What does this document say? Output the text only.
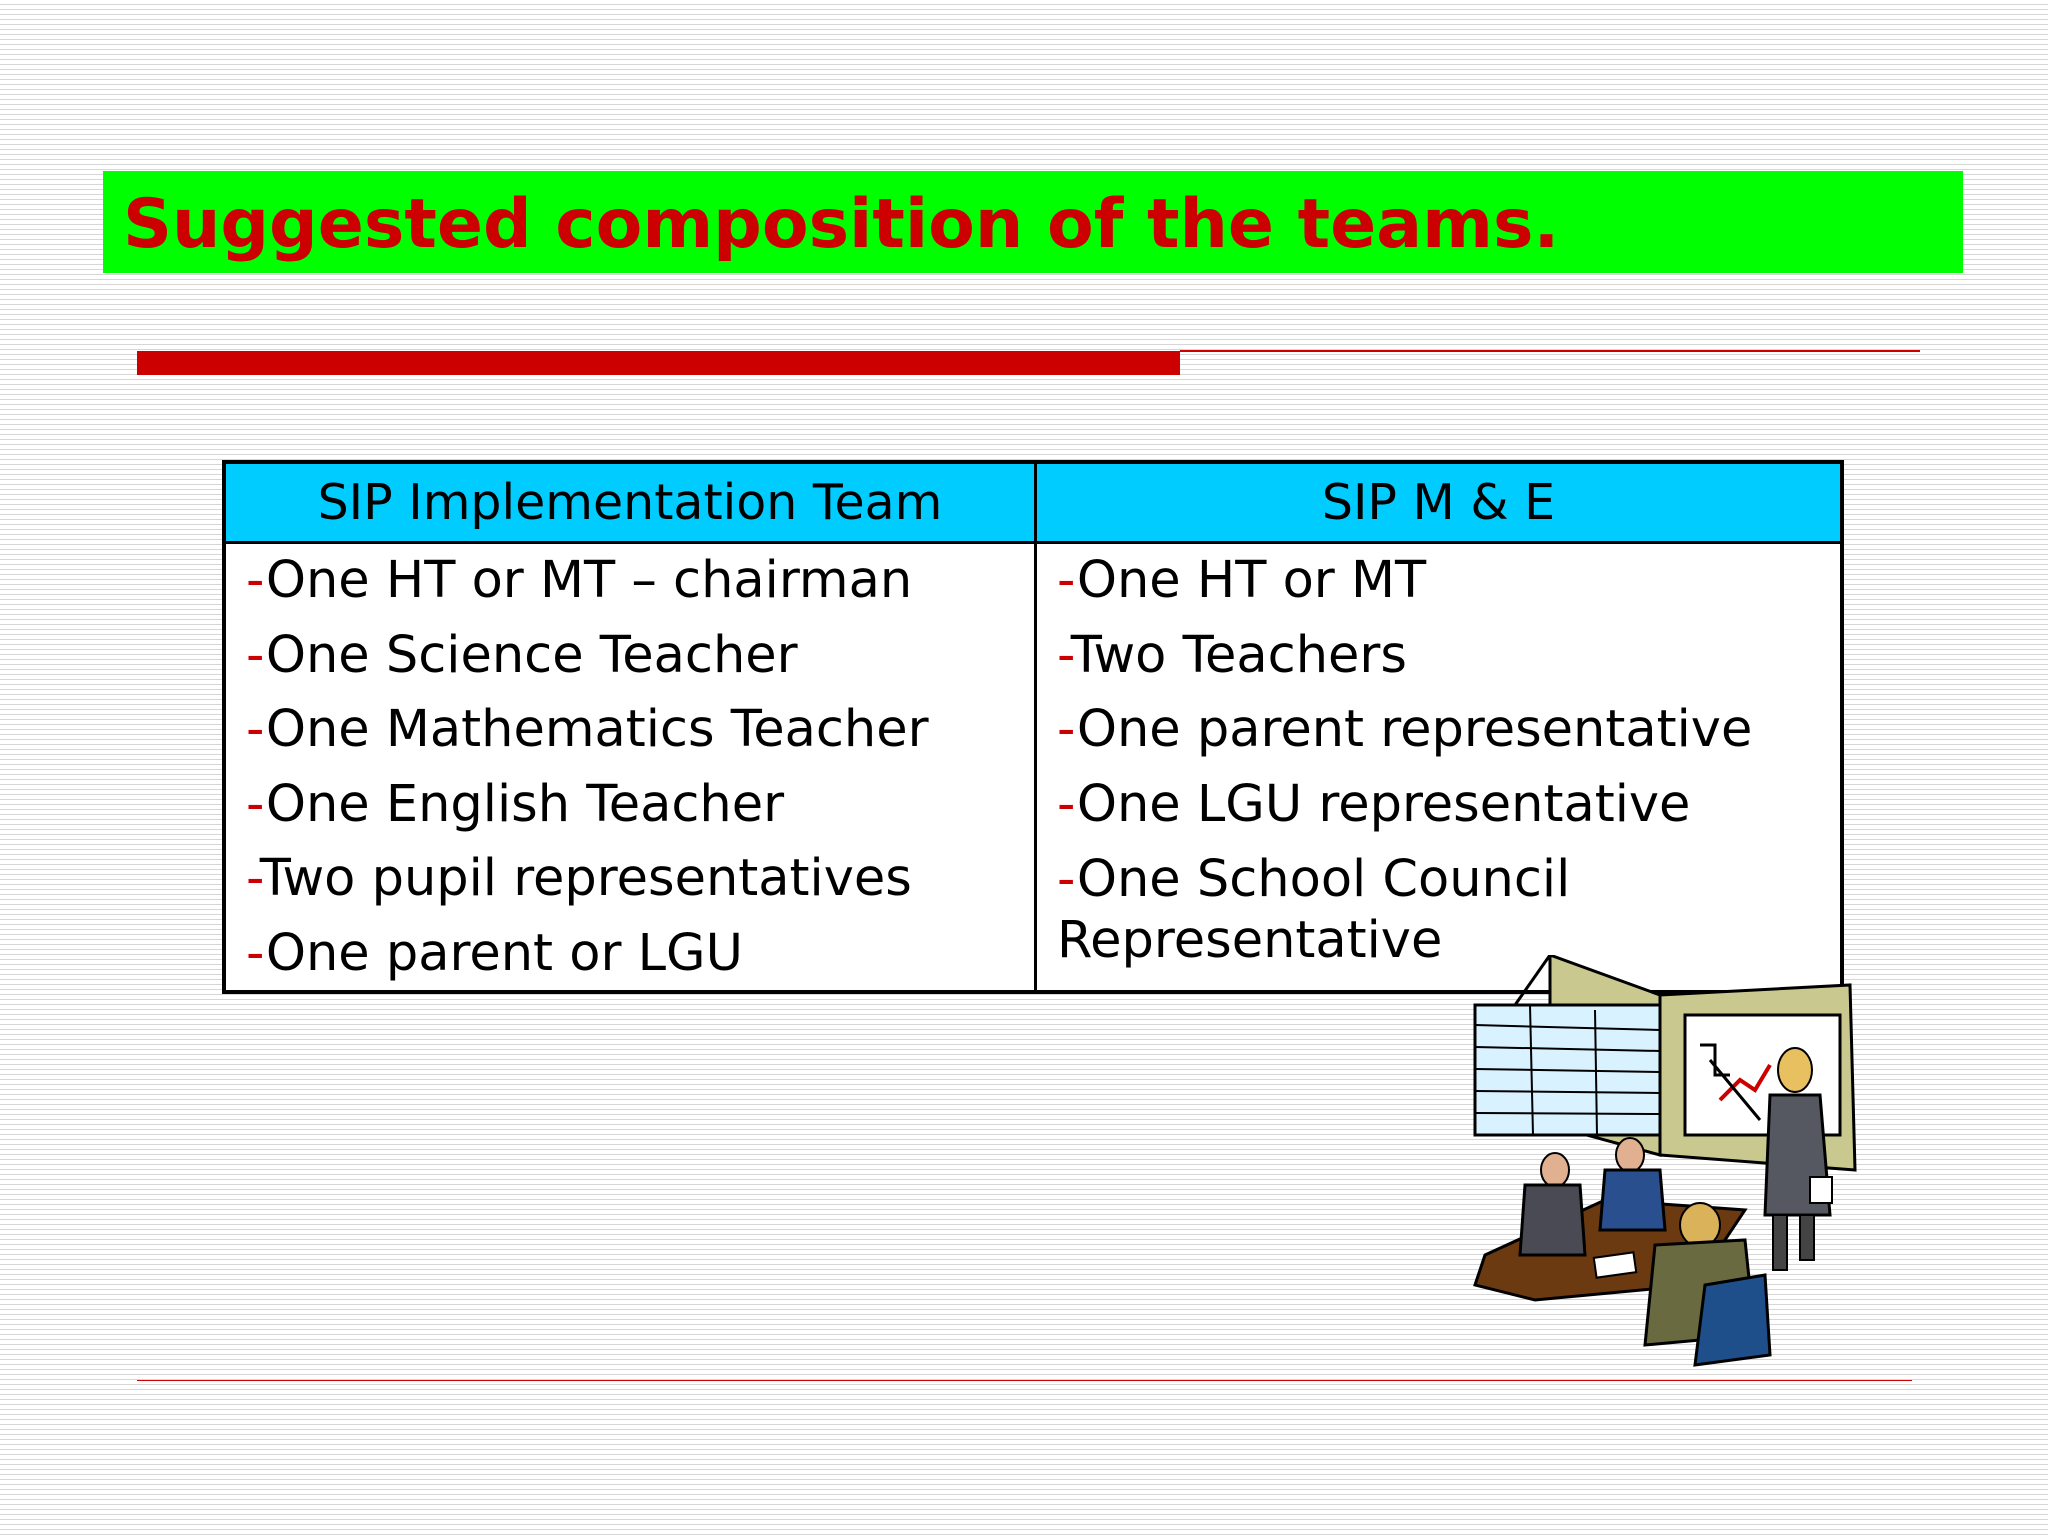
Suggested composition of the teams.
SIP Implementation Team	SIP M & E
-One HT or MT – chairman
-One Science Teacher
-One Mathematics Teacher
-One English Teacher
-Two pupil representatives
-One parent or LGU
-One HT or MT
-Two Teachers
-One parent representative
-One LGU representative
-One School Council Representative
